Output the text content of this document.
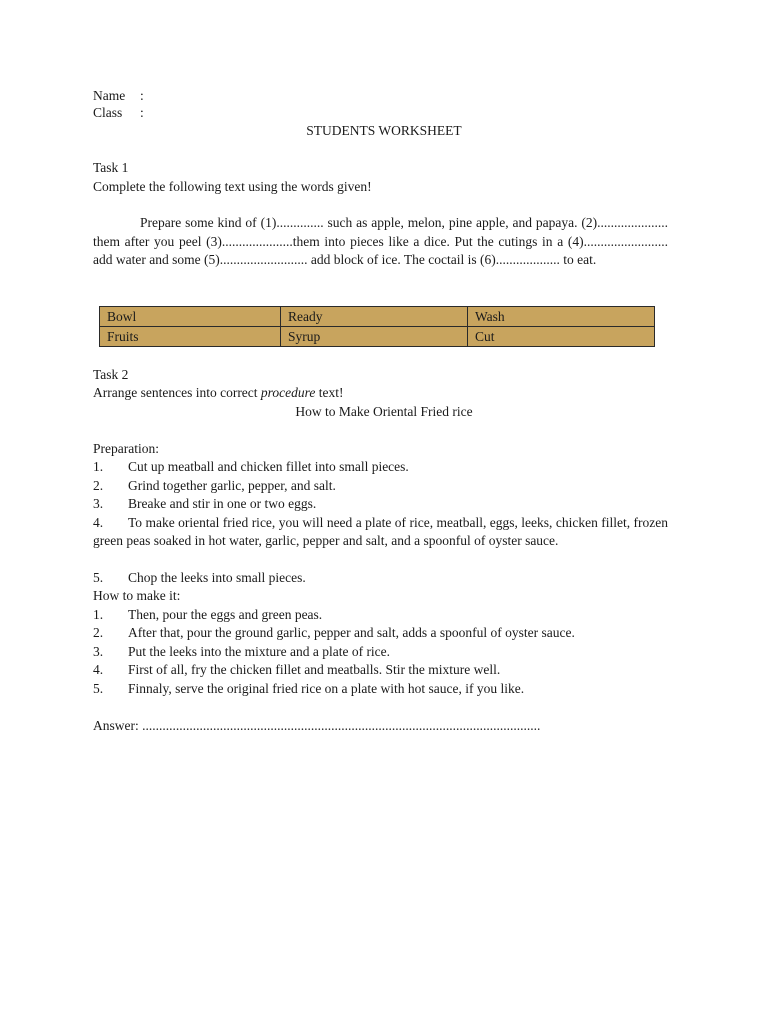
Name :
Class :
STUDENTS WORKSHEET
Task 1
Complete the following text using the words given!
Prepare some kind of (1).............. such as apple, melon, pine apple, and papaya. (2)..................... them after you peel (3).....................them into pieces like a dice. Put the cutings in a (4)......................... add water and some (5).......................... add block of ice. The coctail is (6)................... to eat.
Bowl	Ready	Wash
Fruits	Syrup	Cut
Task 2
Arrange sentences into correct procedure text!
How to Make Oriental Fried rice
Preparation:
1. Cut up meatball and chicken fillet into small pieces.
2. Grind together garlic, pepper, and salt.
3. Breake and stir in one or two eggs.
4. To make oriental fried rice, you will need a plate of rice, meatball, eggs, leeks, chicken fillet, frozen green peas soaked in hot water, garlic, pepper and salt, and a spoonful of oyster sauce.
5. Chop the leeks into small pieces.
How to make it:
1. Then, pour the eggs and green peas.
2. After that, pour the ground garlic, pepper and salt, adds a spoonful of oyster sauce.
3. Put the leeks into the mixture and a plate of rice.
4. First of all, fry the chicken fillet and meatballs. Stir the mixture well.
5. Finnaly, serve the original fried rice on a plate with hot sauce, if you like.
Answer: ......................................................................................................................
